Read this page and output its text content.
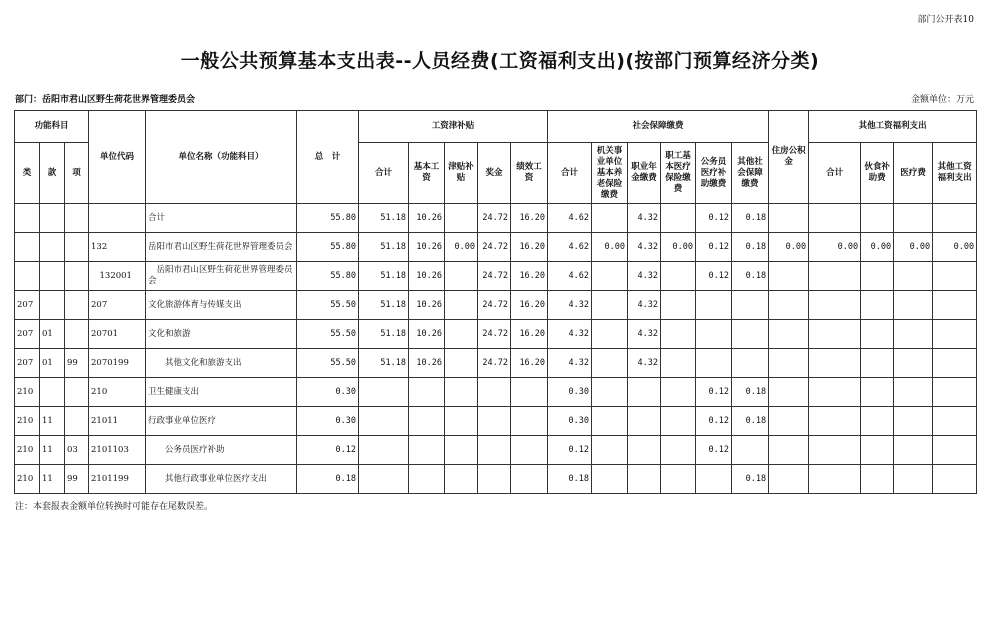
部门公开表10
一般公共预算基本支出表--人员经费(工资福利支出)(按部门预算经济分类)
部门：岳阳市君山区野生荷花世界管理委员会	金额单位：万元
功能科目			单位代码	单位名称（功能科目）	总　计	工资津补贴					社会保障缴费						住房公积金	其他工资福利支出			
类	款	项				合计	基本工资	津贴补贴	奖金	绩效工资	合计	机关事业单位基本养老保险缴费	职业年金缴费	职工基本医疗保险缴费	公务员医疗补助缴费	其他社会保障缴费		合计	伙食补助费	医疗费	其他工资福利支出
				合计	55.80	51.18	10.26		24.72	16.20	4.62		4.32		0.12	0.18					
			132	岳阳市君山区野生荷花世界管理委员会	55.80	51.18	10.26	0.00	24.72	16.20	4.62	0.00	4.32	0.00	0.12	0.18	0.00	0.00	0.00	0.00	0.00
			　132001	　岳阳市君山区野生荷花世界管理委员会	55.80	51.18	10.26		24.72	16.20	4.62		4.32		0.12	0.18					
207			207	文化旅游体育与传媒支出	55.50	51.18	10.26		24.72	16.20	4.32		4.32								
207	01		20701	文化和旅游	55.50	51.18	10.26		24.72	16.20	4.32		4.32								
207	01	99	2070199	　　其他文化和旅游支出	55.50	51.18	10.26		24.72	16.20	4.32		4.32								
210			210	卫生健康支出	0.30						0.30				0.12	0.18					
210	11		21011	行政事业单位医疗	0.30						0.30				0.12	0.18					
210	11	03	2101103	　　公务员医疗补助	0.12						0.12				0.12						
210	11	99	2101199	　　其他行政事业单位医疗支出	0.18						0.18					0.18					
注：本套报表金额单位转换时可能存在尾数误差。
